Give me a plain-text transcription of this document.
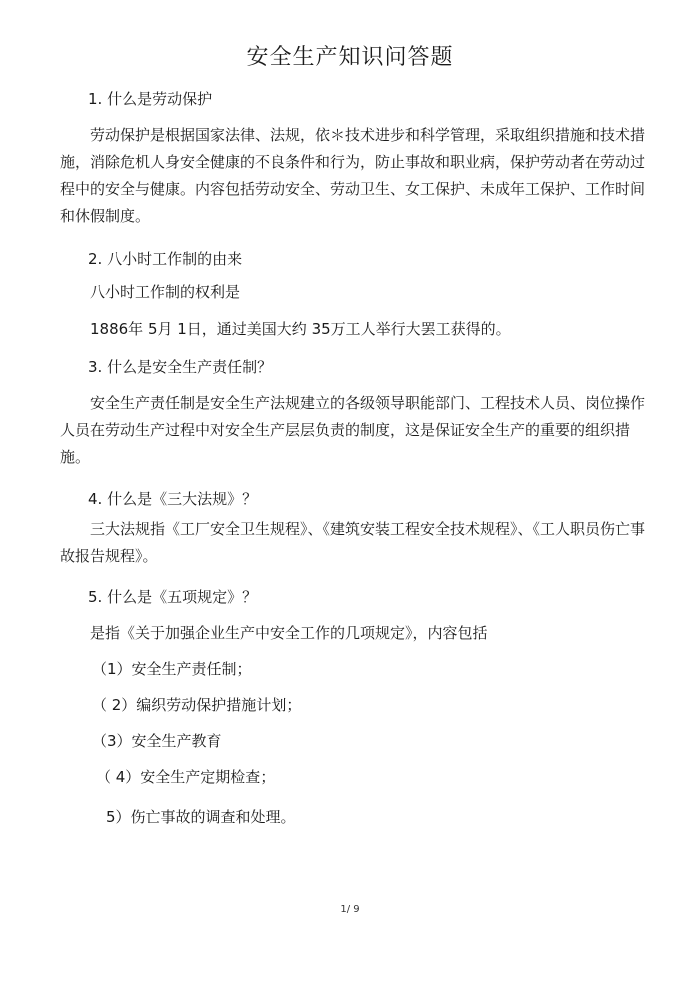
安全生产知识问答题
1. 什么是劳动保护
劳动保护是根据国家法律、法规，依＊技术进步和科学管理，采取组织措施和技术措施，消除危机人身安全健康的不良条件和行为，防止事故和职业病，保护劳动者在劳动过程中的安全与健康。内容包括劳动安全、劳动卫生、女工保护、未成年工保护、工作时间和休假制度。
2. 八小时工作制的由来
八小时工作制的权利是
1886年 5月 1日，通过美国大约 35万工人举行大罢工获得的。
3. 什么是安全生产责任制？
安全生产责任制是安全生产法规建立的各级领导职能部门、工程技术人员、岗位操作人员在劳动生产过程中对安全生产层层负责的制度，这是保证安全生产的重要的组织措施。
4. 什么是《三大法规》？
三大法规指《工厂安全卫生规程》、《建筑安装工程安全技术规程》、《工人职员伤亡事故报告规程》。
5. 什么是《五项规定》？
是指《关于加强企业生产中安全工作的几项规定》，内容包括
（1）安全生产责任制；
（ 2）编织劳动保护措施计划；
（3）安全生产教育
（ 4）安全生产定期检查；
5）伤亡事故的调查和处理。
1/ 9
